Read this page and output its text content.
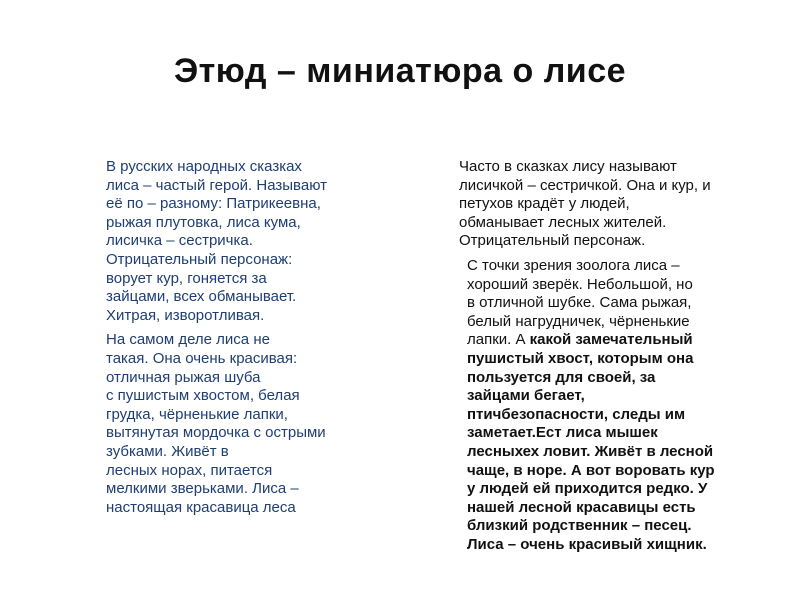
Этюд – миниатюра о лисе

В русских народных сказках
лиса – частый герой. Называют
её по – разному: Патрикеевна,
рыжая плутовка, лиса кума,
лисичка – сестричка.
Отрицательный персонаж:
ворует кур, гоняется за
зайцами, всех обманывает.
Хитрая, изворотливая.

На самом деле лиса не
такая. Она очень красивая:
отличная рыжая шуба
с пушистым хвостом, белая
грудка, чёрненькие лапки,
вытянутая мордочка с острыми
зубками. Живёт в
лесных норах, питается
мелкими зверьками. Лиса –
настоящая красавица леса

Часто в сказках лису называют
лисичкой – сестричкой. Она и кур, и
петухов крадёт у людей,
обманывает лесных жителей.
Отрицательный персонаж.

С точки зрения зоолога лиса –
хороший зверёк. Небольшой, но
в отличной шубке. Сама рыжая,
белый нагрудничек, чёрненькие
лапки. А какой замечательный
пушистый хвост, которым она
пользуется для своей, за
зайцами бегает,
птичбезопасности, следы им
заметает.Ест лиса мышек
лесныхех ловит. Живёт в лесной
чаще, в норе. А вот воровать кур
у людей ей приходится редко. У
нашей лесной красавицы есть
близкий родственник – песец.
Лиса – очень красивый хищник.
